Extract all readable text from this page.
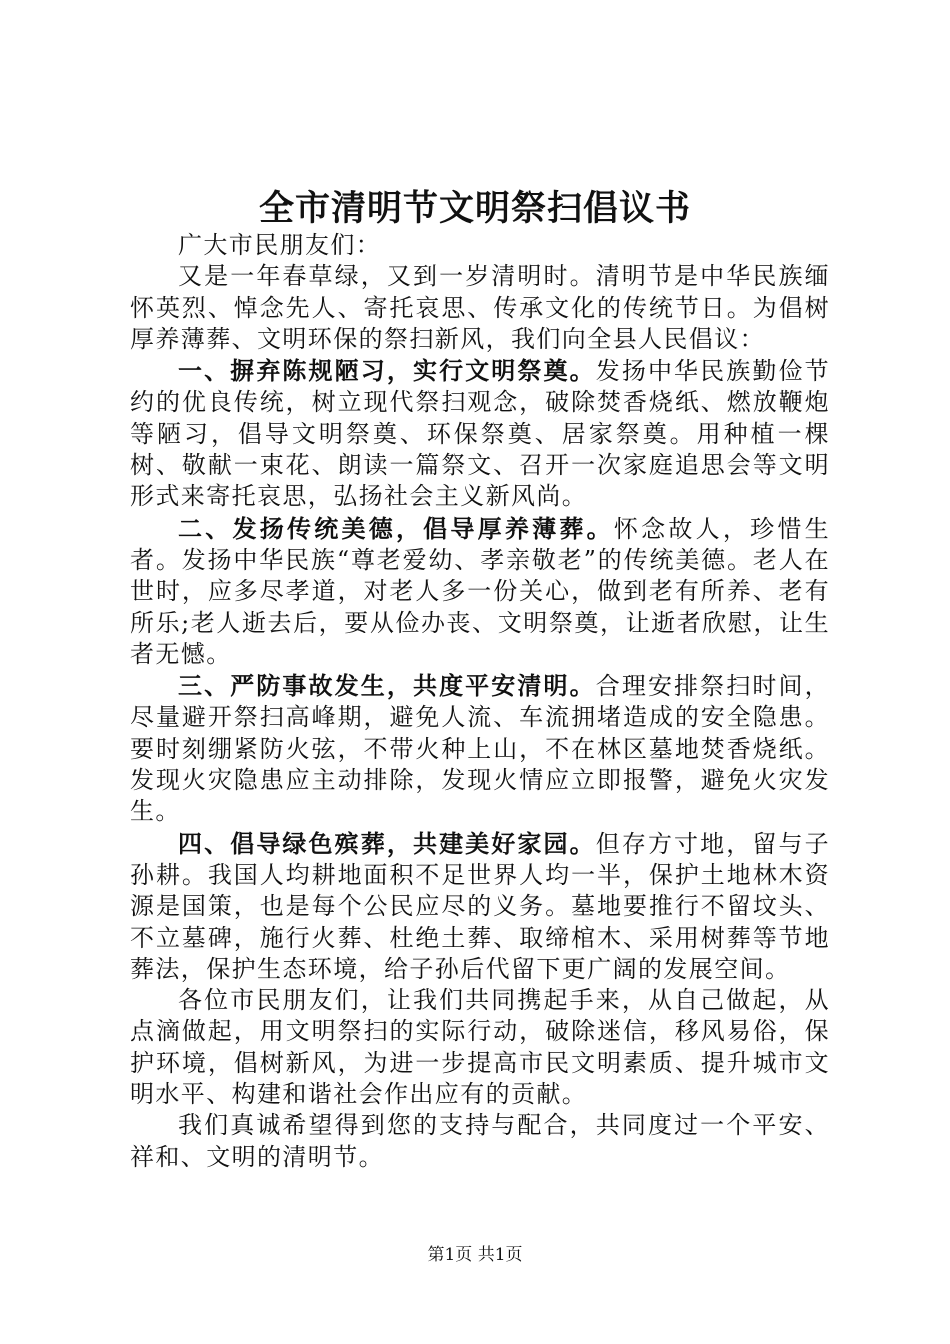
全市清明节文明祭扫倡议书

广大市民朋友们：

又是一年春草绿，又到一岁清明时。清明节是中华民族缅怀英烈、悼念先人、寄托哀思、传承文化的传统节日。为倡树厚养薄葬、文明环保的祭扫新风，我们向全县人民倡议：

一、摒弃陈规陋习，实行文明祭奠。发扬中华民族勤俭节约的优良传统，树立现代祭扫观念，破除焚香烧纸、燃放鞭炮等陋习，倡导文明祭奠、环保祭奠、居家祭奠。用种植一棵树、敬献一束花、朗读一篇祭文、召开一次家庭追思会等文明形式来寄托哀思，弘扬社会主义新风尚。

二、发扬传统美德，倡导厚养薄葬。怀念故人，珍惜生者。发扬中华民族“尊老爱幼、孝亲敬老”的传统美德。老人在世时，应多尽孝道，对老人多一份关心，做到老有所养、老有所乐;老人逝去后，要从俭办丧、文明祭奠，让逝者欣慰，让生者无憾。

三、严防事故发生，共度平安清明。合理安排祭扫时间，尽量避开祭扫高峰期，避免人流、车流拥堵造成的安全隐患。要时刻绷紧防火弦，不带火种上山，不在林区墓地焚香烧纸。发现火灾隐患应主动排除，发现火情应立即报警，避免火灾发生。

四、倡导绿色殡葬，共建美好家园。但存方寸地，留与子孙耕。我国人均耕地面积不足世界人均一半，保护土地林木资源是国策，也是每个公民应尽的义务。墓地要推行不留坟头、不立墓碑，施行火葬、杜绝土葬、取缔棺木、采用树葬等节地葬法，保护生态环境，给子孙后代留下更广阔的发展空间。

各位市民朋友们，让我们共同携起手来，从自己做起，从点滴做起，用文明祭扫的实际行动，破除迷信，移风易俗，保护环境，倡树新风，为进一步提高市民文明素质、提升城市文明水平、构建和谐社会作出应有的贡献。

我们真诚希望得到您的支持与配合，共同度过一个平安、祥和、文明的清明节。

第1页 共1页
